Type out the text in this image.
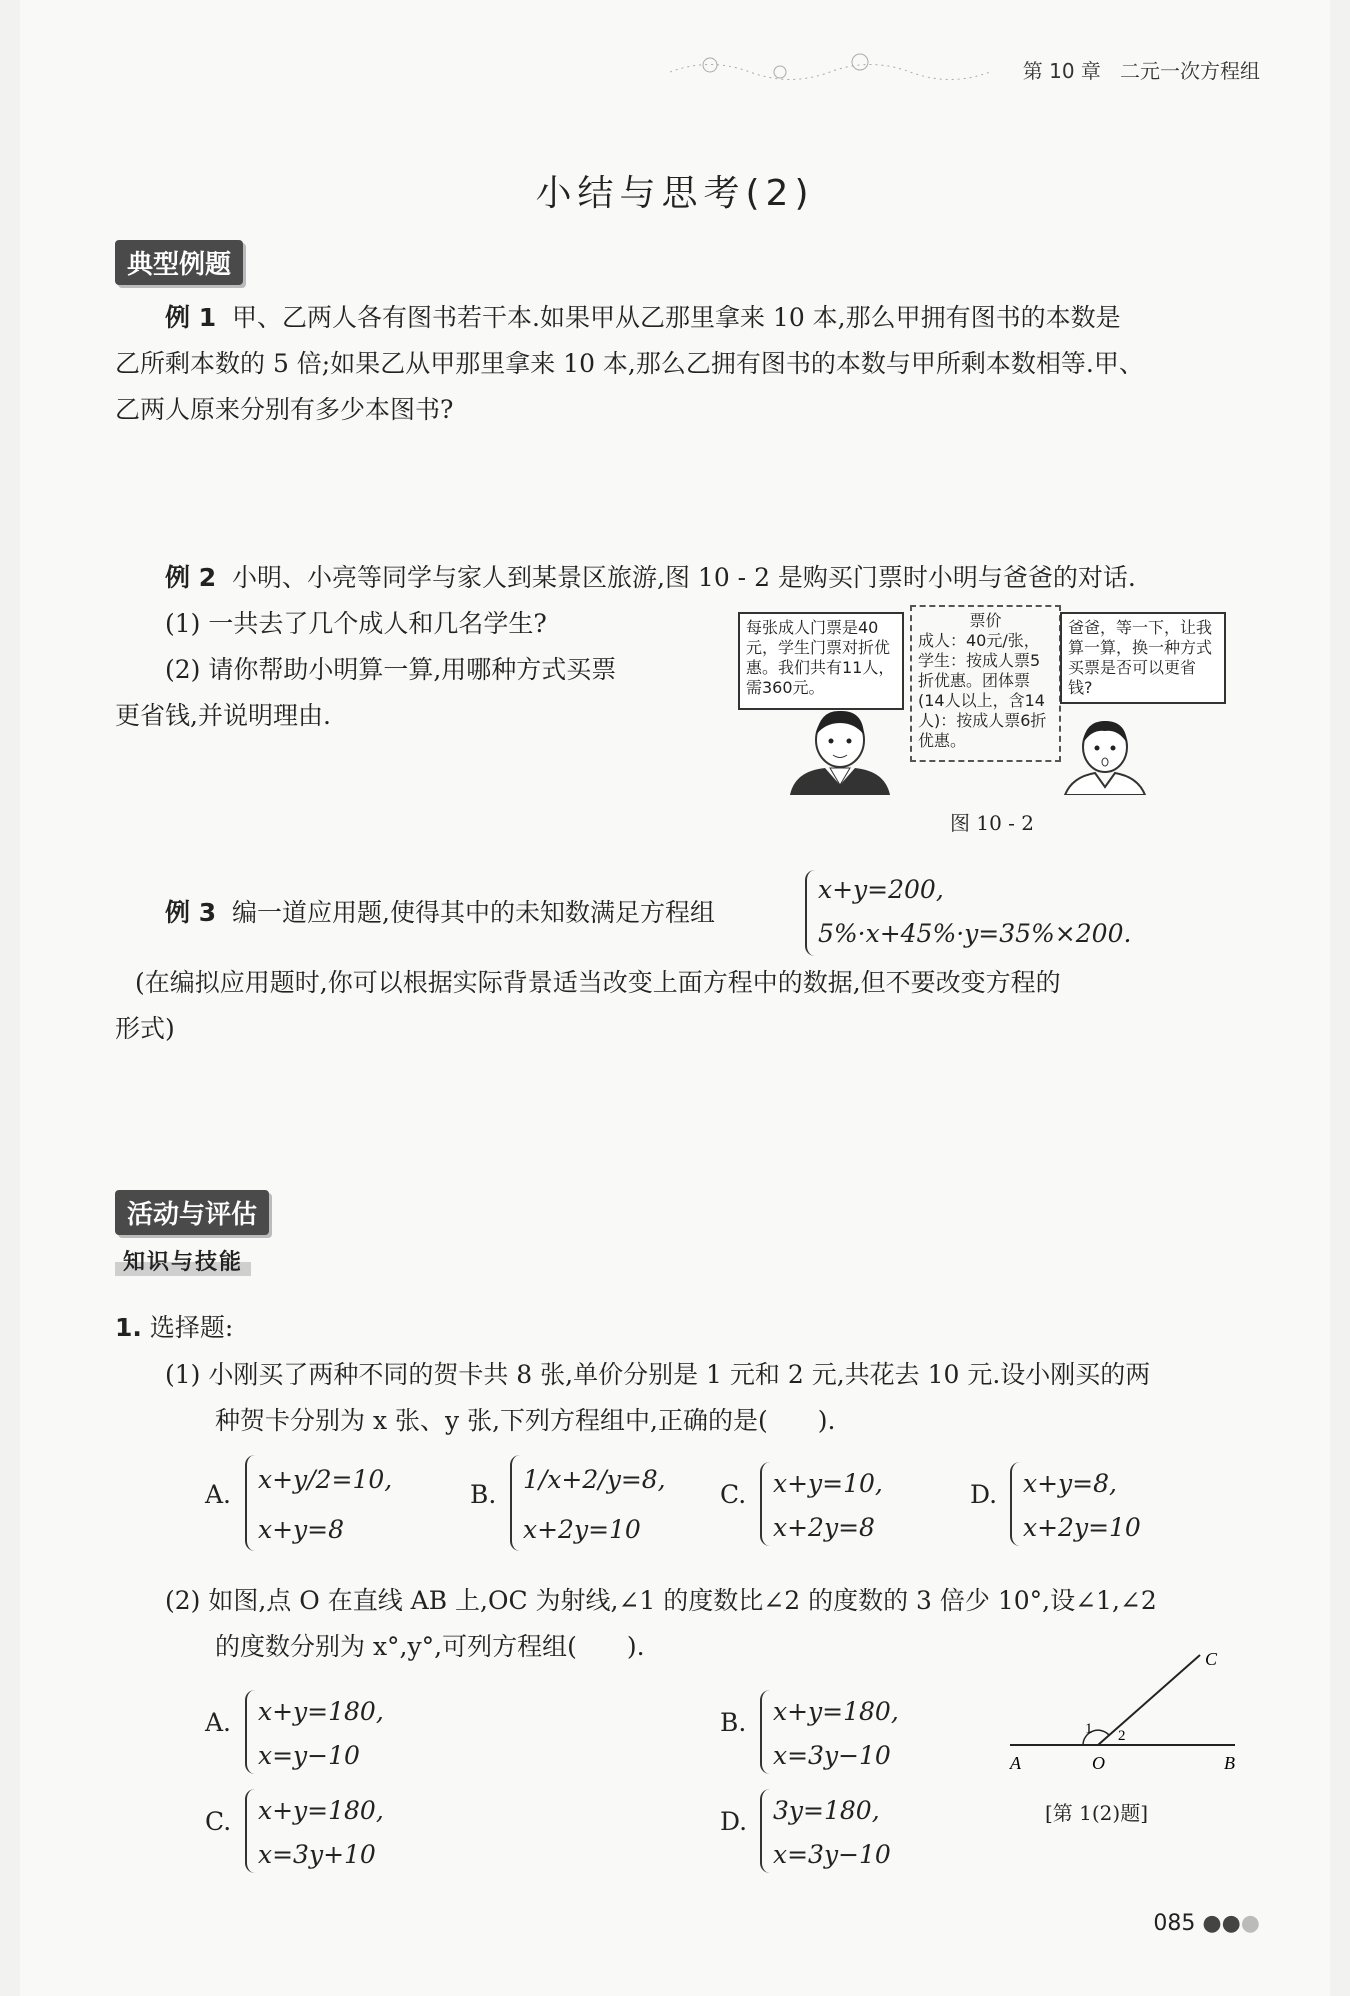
第 10 章 二元一次方程组
小结与思考(2)
典型例题
例 1 甲、乙两人各有图书若干本.如果甲从乙那里拿来 10 本,那么甲拥有图书的本数是
乙所剩本数的 5 倍;如果乙从甲那里拿来 10 本,那么乙拥有图书的本数与甲所剩本数相等.甲、
乙两人原来分别有多少本图书?
例 2 小明、小亮等同学与家人到某景区旅游,图 10 - 2 是购买门票时小明与爸爸的对话.
(1) 一共去了几个成人和几名学生?
(2) 请你帮助小明算一算,用哪种方式买票
更省钱,并说明理由.
每张成人门票是40元，学生门票对折优惠。我们共有11人，需360元。
票价
成人：40元/张，学生：按成人票5折优惠。团体票(14人以上，含14人)：按成人票6折优惠。
爸爸，等一下，让我算一算，换一种方式买票是否可以更省钱?
图 10 - 2
例 3 编一道应用题,使得其中的未知数满足方程组
x+y=200,
5%·x+45%·y=35%×200.
(在编拟应用题时,你可以根据实际背景适当改变上面方程中的数据,但不要改变方程的
形式)
活动与评估
知识与技能
1. 选择题:
(1) 小刚买了两种不同的贺卡共 8 张,单价分别是 1 元和 2 元,共花去 10 元.设小刚买的两
种贺卡分别为 x 张、y 张,下列方程组中,正确的是(　　).
A.
x+y/2=10,
x+y=8
B.
1/x+2/y=8,
x+2y=10
C. x+y=10,
x+2y=8
D. x+y=8,
x+2y=10
(2) 如图,点 O 在直线 AB 上,OC 为射线,∠1 的度数比∠2 的度数的 3 倍少 10°,设∠1,∠2
的度数分别为 x°,y°,可列方程组(　　).
A. x+y=180,
x=y−10
B. x+y=180,
x=3y−10
C. x+y=180,
x=3y+10
D. 3y=180,
x=3y−10
A	O	B
C
1 2
[第 1(2)题]
085 ●●●
